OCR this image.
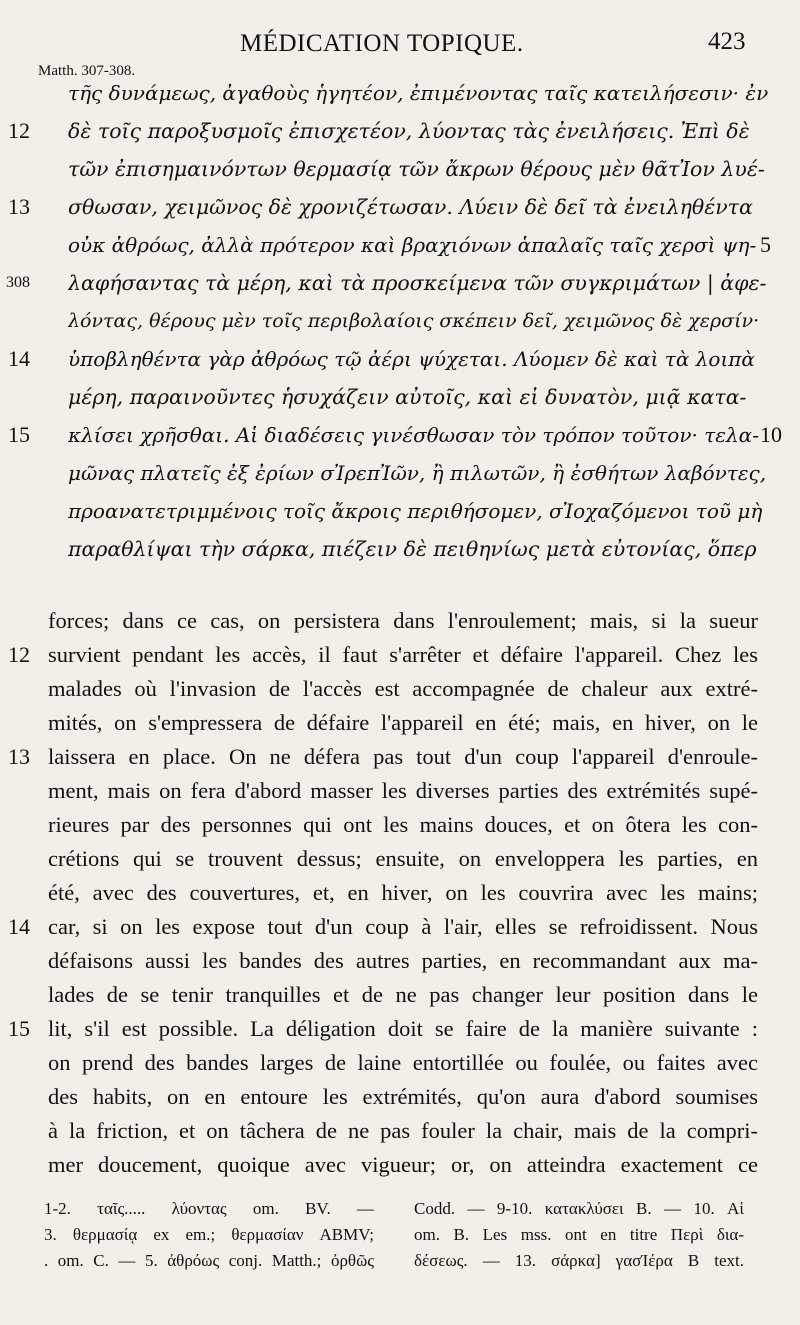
MÉDICATION TOPIQUE.	423
Matth. 307-308.
τῆς δυνάμεως, ἀγαθοὺς ἡγητέον, ἐπιμένοντας ταῖς κατειλήσεσιν· ἐν
δὲ τοῖς παροξυσμοῖς ἐπισχετέον, λύοντας τὰς ἐνειλήσεις. Ἐπὶ δὲ
τῶν ἐπισημαινόντων θερμασίᾳ τῶν ἄκρων θέρους μὲν θᾶτἸον λυέ-
σθωσαν, χειμῶνος δὲ χρονιζέτωσαν. Λύειν δὲ δεῖ τὰ ἐνειληθέντα
οὐκ ἀθρόως, ἀλλὰ πρότερον καὶ βραχιόνων ἁπαλαῖς ταῖς χερσὶ ψη-
λαφήσαντας τὰ μέρη, καὶ τὰ προσκείμενα τῶν συγκριμάτων | ἀφε-
λόντας, θέρους μὲν τοῖς περιβολαίοις σκέπειν δεῖ, χειμῶνος δὲ χερσίν·
ὑποβληθέντα γὰρ ἀθρόως τῷ ἀέρι ψύχεται. Λύομεν δὲ καὶ τὰ λοιπὰ
μέρη, παραινοῦντες ἡσυχάζειν αὐτοῖς, καὶ εἰ δυνατὸν, μιᾷ κατα-
κλίσει χρῆσθαι. Αἱ διαδέσεις γινέσθωσαν τὸν τρόπον τοῦτον· τελα-
μῶνας πλατεῖς ἐξ ἐρίων σἸρεπἸῶν, ἢ πιλωτῶν, ἢ ἐσθήτων λαβόντες,
προανατετριμμένοις τοῖς ἄκροις περιθήσομεν, σἸοχαζόμενοι τοῦ μὴ
παραθλίψαι τὴν σάρκα, πιέζειν δὲ πειθηνίως μετὰ εὐτονίας, ὅπερ
12
13
308
14
15
5
10
forces; dans ce cas, on persistera dans l'enroulement; mais, si la sueur
survient pendant les accès, il faut s'arrêter et défaire l'appareil. Chez les
malades où l'invasion de l'accès est accompagnée de chaleur aux extré-
mités, on s'empressera de défaire l'appareil en été; mais, en hiver, on le
laissera en place. On ne défera pas tout d'un coup l'appareil d'enroule-
ment, mais on fera d'abord masser les diverses parties des extrémités supé-
rieures par des personnes qui ont les mains douces, et on ôtera les con-
crétions qui se trouvent dessus; ensuite, on enveloppera les parties, en
été, avec des couvertures, et, en hiver, on les couvrira avec les mains;
car, si on les expose tout d'un coup à l'air, elles se refroidissent. Nous
défaisons aussi les bandes des autres parties, en recommandant aux ma-
lades de se tenir tranquilles et de ne pas changer leur position dans le
lit, s'il est possible. La déligation doit se faire de la manière suivante :
on prend des bandes larges de laine entortillée ou foulée, ou faites avec
des habits, on en entoure les extrémités, qu'on aura d'abord soumises
à la friction, et on tâchera de ne pas fouler la chair, mais de la compri-
mer doucement, quoique avec vigueur; or, on atteindra exactement ce
12
13
14
15
1-2. ταῖς..... λύοντας om. BV. —
3. θερμασίᾳ ex em.; θερμασίαν ABMV;
. om. C. — 5. ἀθρόως conj. Matth.; ὀρθῶς
Codd. — 9-10. κατακλύσει B. — 10. Αἱ
om. B. Les mss. ont en titre Περὶ δια-
δέσεως. — 13. σάρκα] γασΊέρα B text.
